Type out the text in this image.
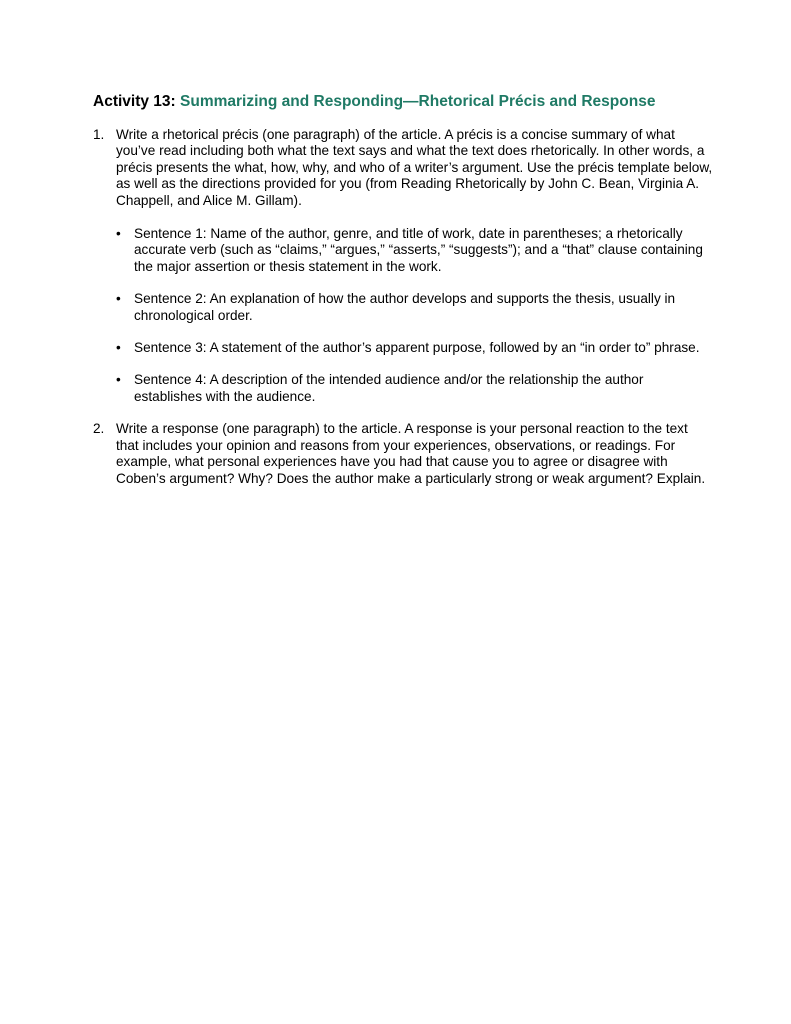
Activity 13: Summarizing and Responding—Rhetorical Précis and Response
1. Write a rhetorical précis (one paragraph) of the article. A précis is a concise summary of what you’ve read including both what the text says and what the text does rhetorically. In other words, a précis presents the what, how, why, and who of a writer’s argument. Use the précis template below, as well as the directions provided for you (from Reading Rhetorically by John C. Bean, Virginia A. Chappell, and Alice M. Gillam).

• Sentence 1: Name of the author, genre, and title of work, date in parentheses; a rhetorically accurate verb (such as “claims,” “argues,” “asserts,” “suggests”); and a “that” clause containing the major assertion or thesis statement in the work.
• Sentence 2: An explanation of how the author develops and supports the thesis, usually in chronological order.
• Sentence 3: A statement of the author’s apparent purpose, followed by an “in order to” phrase.
• Sentence 4: A description of the intended audience and/or the relationship the author establishes with the audience.
2. Write a response (one paragraph) to the article. A response is your personal reaction to the text that includes your opinion and reasons from your experiences, observations, or readings. For example, what personal experiences have you had that cause you to agree or disagree with Coben’s argument? Why? Does the author make a particularly strong or weak argument? Explain.
